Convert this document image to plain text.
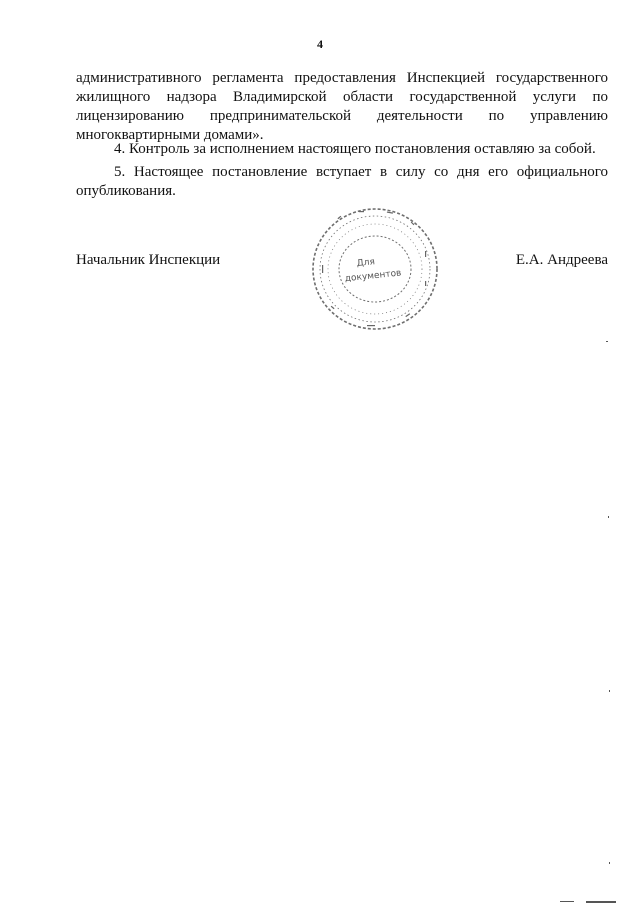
4
административного регламента предоставления Инспекцией государственного жилищного надзора Владимирской области государственной услуги по лицензированию предпринимательской деятельности по управлению многоквартирными домами».
4. Контроль за исполнением настоящего постановления оставляю за собой.
5. Настоящее постановление вступает в силу со дня его официального опубликования.
Начальник Инспекции	Е.А. Андреева
Для
документов
